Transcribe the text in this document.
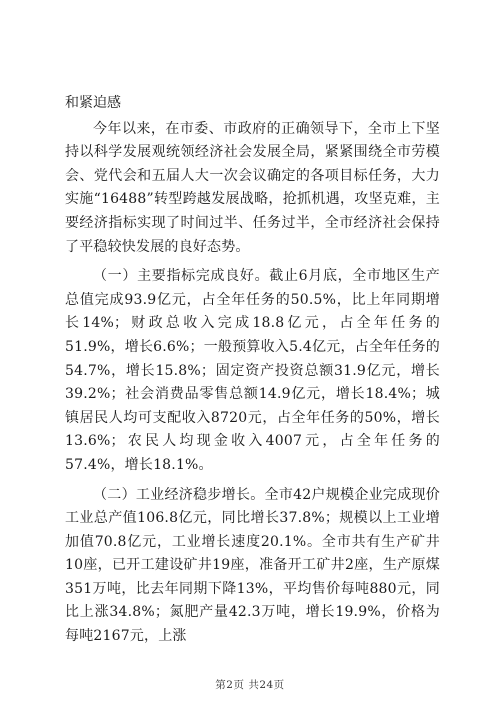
和紧迫感

今年以来，在市委、市政府的正确领导下，全市上下坚持以科学发展观统领经济社会发展全局，紧紧围绕全市劳模会、党代会和五届人大一次会议确定的各项目标任务，大力实施“16488”转型跨越发展战略，抢抓机遇，攻坚克难，主要经济指标实现了时间过半、任务过半，全市经济社会保持了平稳较快发展的良好态势。

（一）主要指标完成良好。截止6月底，全市地区生产总值完成93.9亿元，占全年任务的50.5%，比上年同期增长14%；财政总收入完成18.8亿元，占全年任务的51.9%，增长6.6%；一般预算收入5.4亿元，占全年任务的54.7%，增长15.8%；固定资产投资总额31.9亿元，增长39.2%；社会消费品零售总额14.9亿元，增长18.4%；城镇居民人均可支配收入8720元，占全年任务的50%，增长13.6%；农民人均现金收入4007元，占全年任务的57.4%，增长18.1%。

（二）工业经济稳步增长。全市42户规模企业完成现价工业总产值106.8亿元，同比增长37.8%；规模以上工业增加值70.8亿元，工业增长速度20.1%。全市共有生产矿井10座，已开工建设矿井19座，准备开工矿井2座，生产原煤351万吨，比去年同期下降13%，平均售价每吨880元，同比上涨34.8%；氮肥产量42.3万吨，增长19.9%，价格为每吨2167元，上涨

第2页 共24页
